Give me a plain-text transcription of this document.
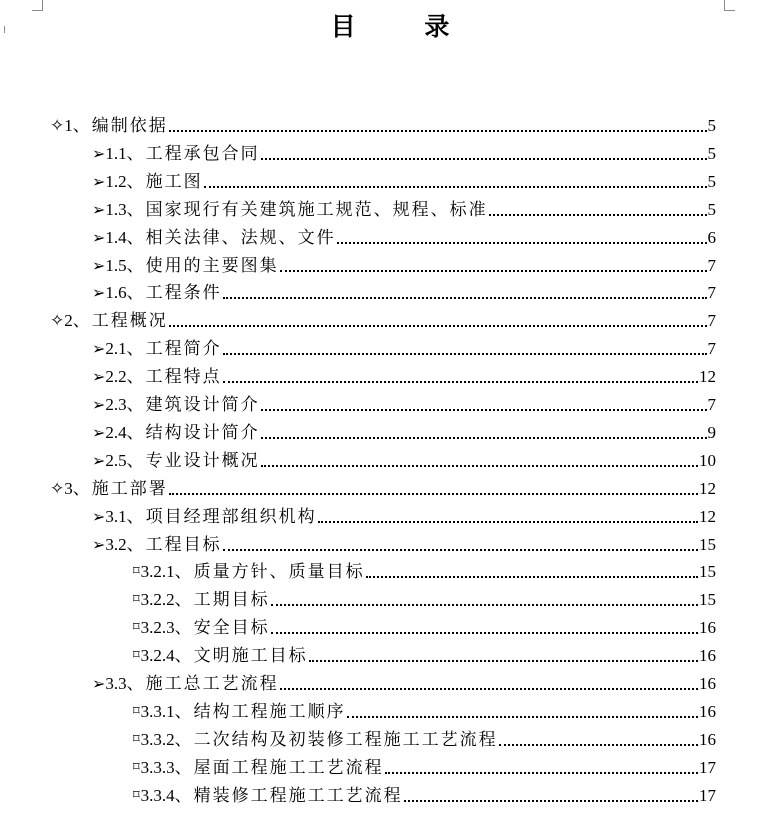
目 录
✧ 1 、 编制依据	5
➢ 1.1 、 工程承包合同	5
➢ 1.2 、 施工图	5
➢ 1.3 、 国家现行有关建筑施工规范、规程、标准	5
➢ 1.4 、 相关法律、法规、文件	6
➢ 1.5 、 使用的主要图集	7
➢ 1.6 、 工程条件	7
✧ 2 、 工程概况	7
➢ 2.1 、 工程简介	7
➢ 2.2 、 工程特点	12
➢ 2.3 、 建筑设计简介	7
➢ 2.4 、 结构设计简介	9
➢ 2.5 、 专业设计概况	10
✧ 3 、 施工部署	12
➢ 3.1 、 项目经理部组织机构	12
➢ 3.2 、 工程目标	15
⌑ 3.2.1 、 质量方针、质量目标	15
⌑ 3.2.2 、 工期目标	15
⌑ 3.2.3 、 安全目标	16
⌑ 3.2.4 、 文明施工目标	16
➢ 3.3 、 施工总工艺流程	16
⌑ 3.3.1 、 结构工程施工顺序	16
⌑ 3.3.2 、 二次结构及初装修工程施工工艺流程	16
⌑ 3.3.3 、 屋面工程施工工艺流程	17
⌑ 3.3.4 、 精装修工程施工工艺流程	17
